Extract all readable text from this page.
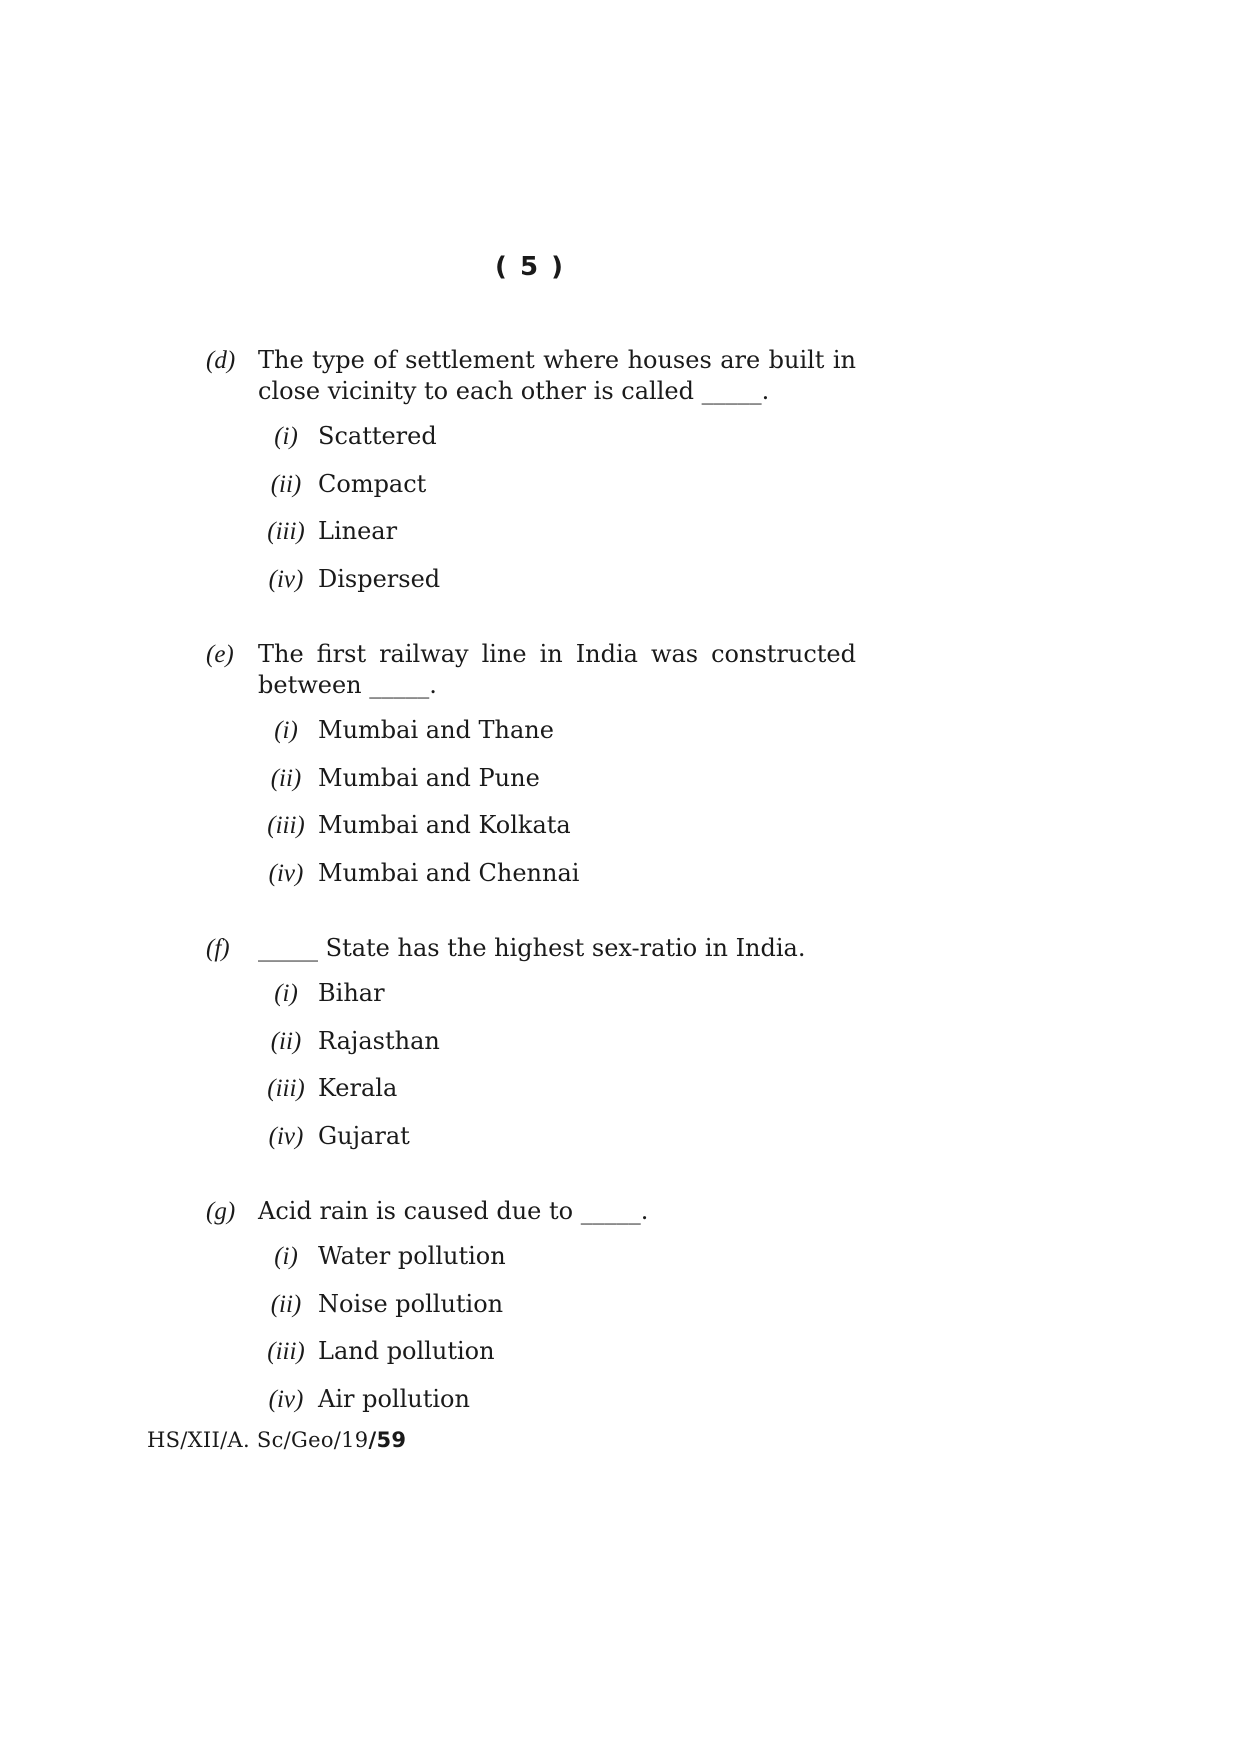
( 5 )
(d) The type of settlement where houses are built in close vicinity to each other is called _____.
(i) Scattered
(ii) Compact
(iii) Linear
(iv) Dispersed
(e)	The first railway line in India was constructed between _____.
(i) Mumbai and Thane
(ii) Mumbai and Pune
(iii) Mumbai and Kolkata
(iv) Mumbai and Chennai
(f)	_____ State has the highest sex-ratio in India.
(i) Bihar
(ii) Rajasthan
(iii) Kerala
(iv) Gujarat
(g) Acid rain is caused due to _____.
(i) Water pollution
(ii) Noise pollution
(iii) Land pollution
(iv) Air pollution
HS/XII/A. Sc/Geo/19/59
